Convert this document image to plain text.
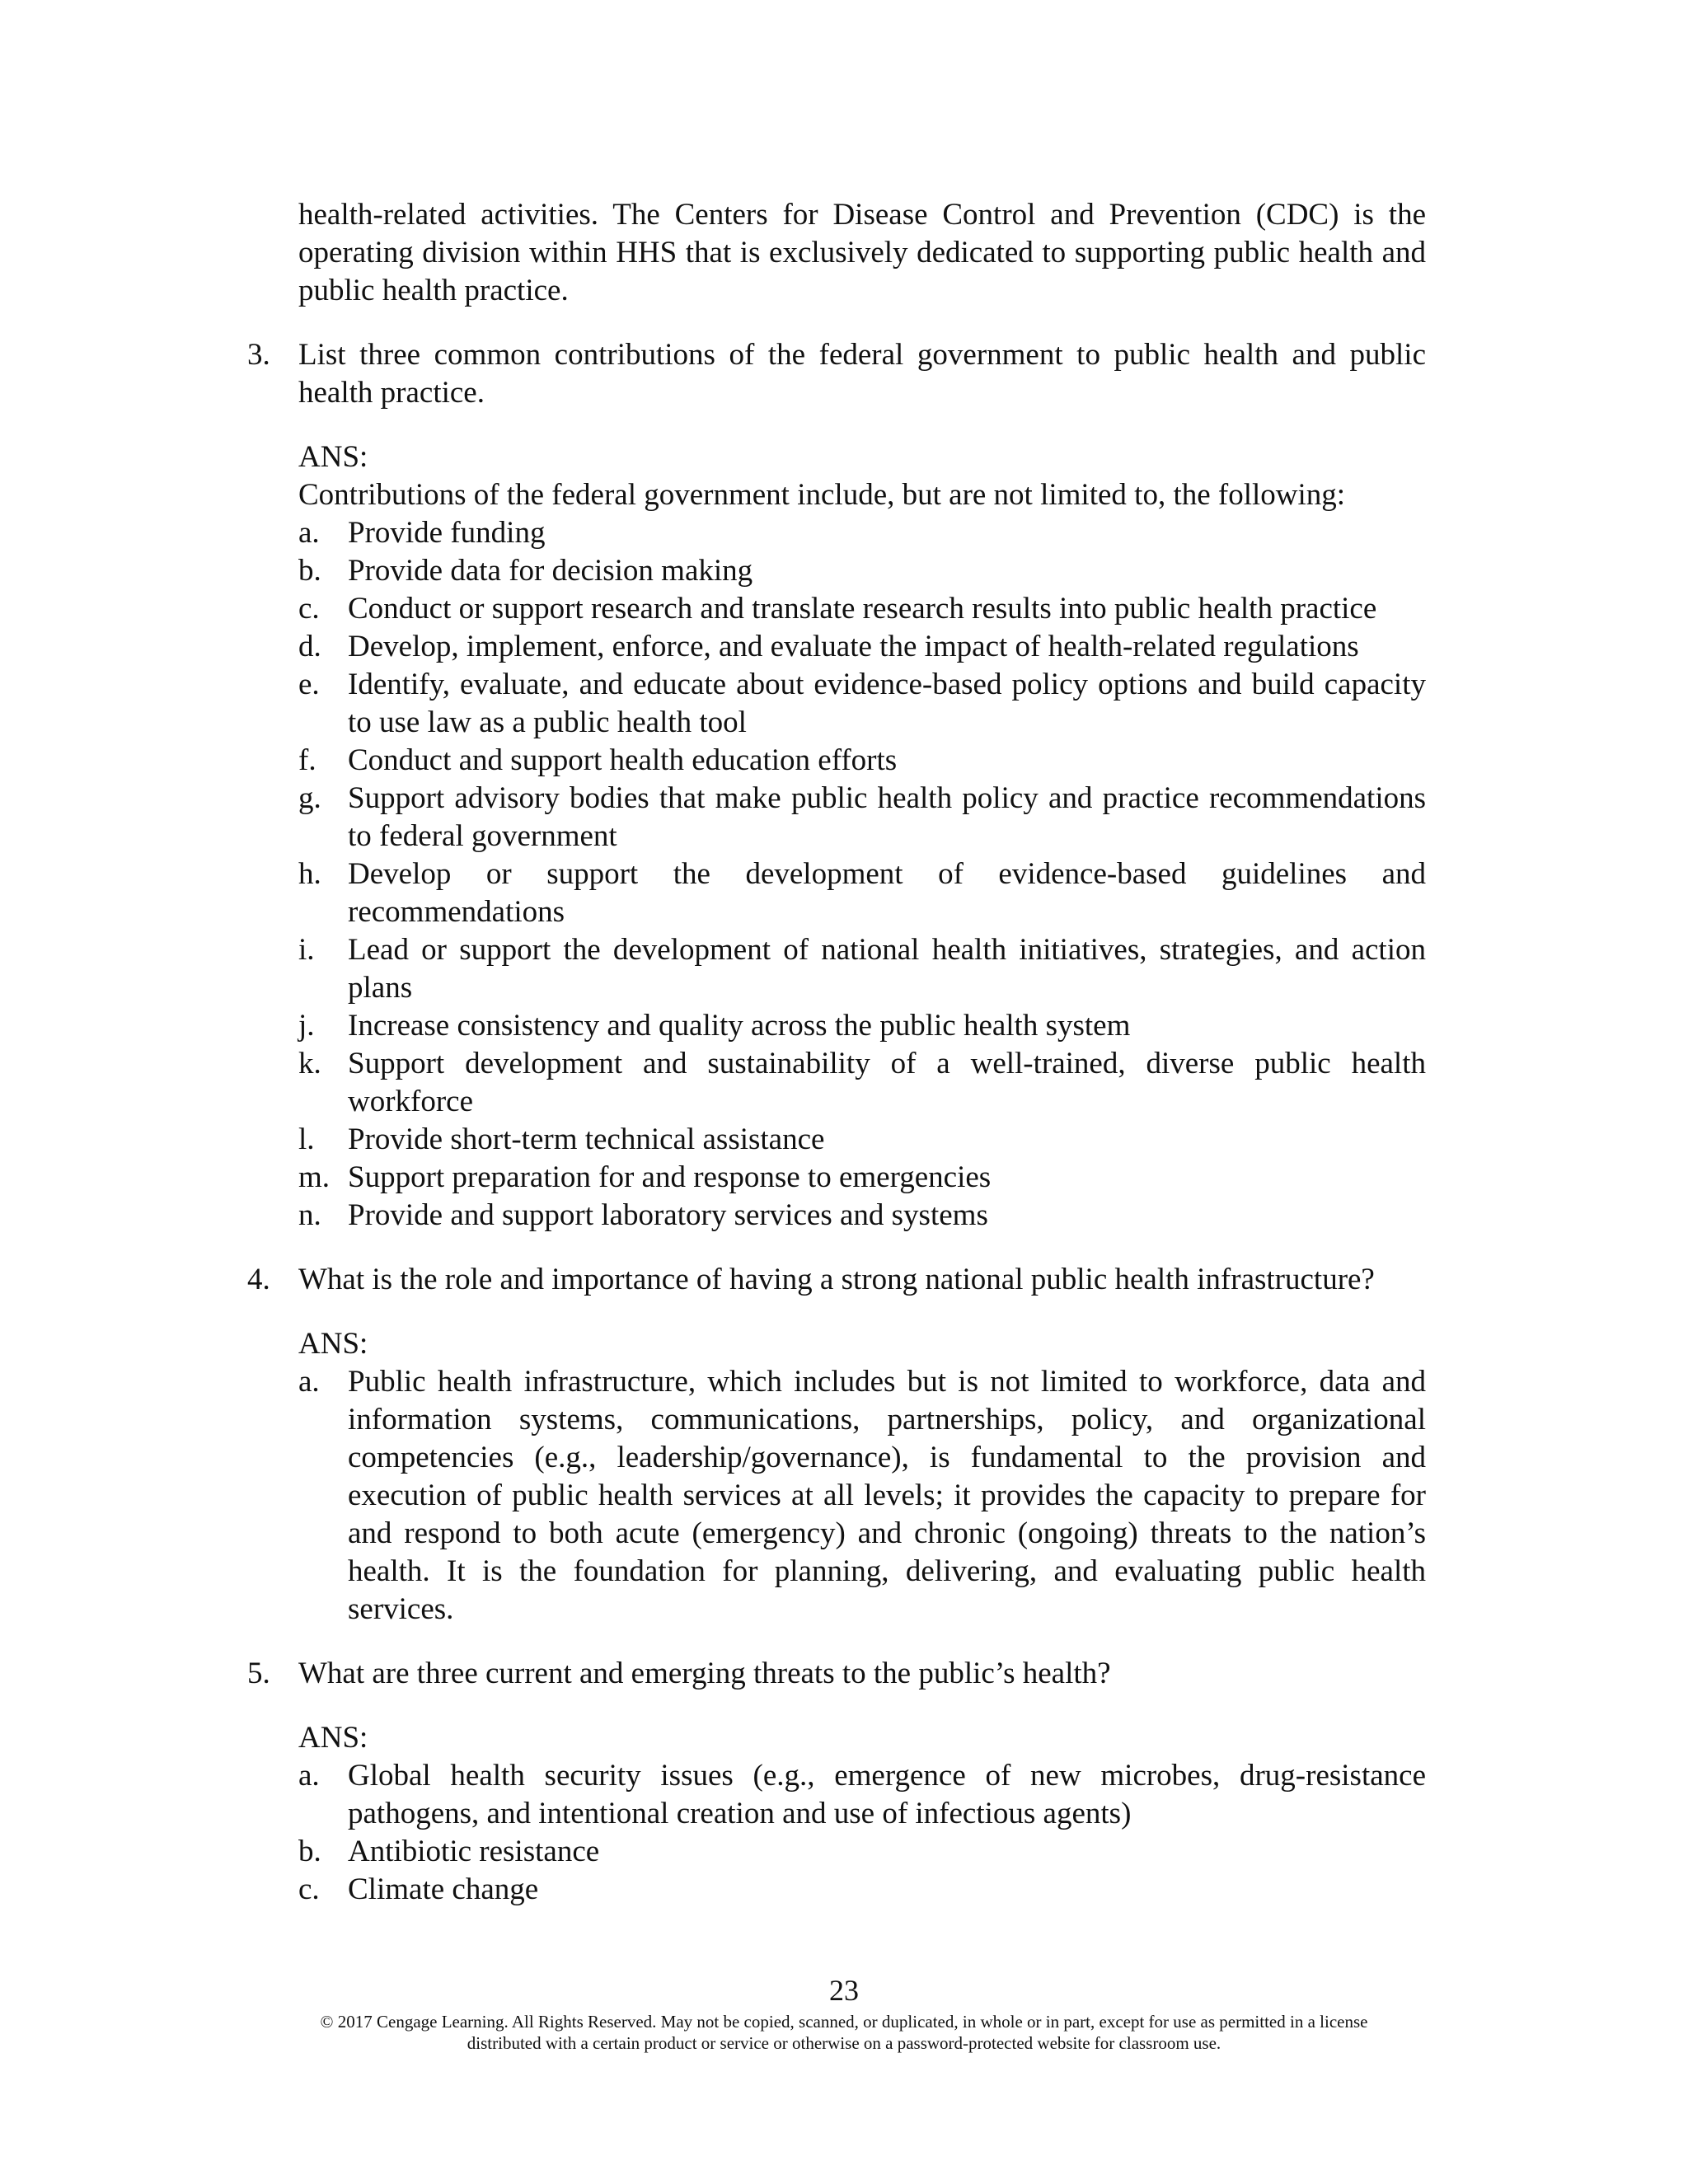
health-related activities. The Centers for Disease Control and Prevention (CDC) is the operating division within HHS that is exclusively dedicated to supporting public health and public health practice.

3. List three common contributions of the federal government to public health and public health practice.
ANS:
Contributions of the federal government include, but are not limited to, the following:
a. Provide funding
b. Provide data for decision making
c. Conduct or support research and translate research results into public health practice
d. Develop, implement, enforce, and evaluate the impact of health-related regulations
e. Identify, evaluate, and educate about evidence-based policy options and build capacity to use law as a public health tool
f.	Conduct and support health education efforts
g. Support advisory bodies that make public health policy and practice recommendations to federal government
h. Develop or support the development of evidence-based guidelines and recommendations
i.	Lead or support the development of national health initiatives, strategies, and action plans
j.	Increase consistency and quality across the public health system
k. Support development and sustainability of a well-trained, diverse public health workforce
l.	Provide short-term technical assistance
m. Support preparation for and response to emergencies
n. Provide and support laboratory services and systems
4. What is the role and importance of having a strong national public health infrastructure?
ANS:
a. Public health infrastructure, which includes but is not limited to workforce, data and information systems, communications, partnerships, policy, and organizational competencies (e.g., leadership/governance), is fundamental to the provision and execution of public health services at all levels; it provides the capacity to prepare for and respond to both acute (emergency) and chronic (ongoing) threats to the nation’s health. It is the foundation for planning, delivering, and evaluating public health services.
5. What are three current and emerging threats to the public’s health?
ANS:
a. Global health security issues (e.g., emergence of new microbes, drug-resistance pathogens, and intentional creation and use of infectious agents)
b. Antibiotic resistance
c. Climate change
23
© 2017 Cengage Learning. All Rights Reserved. May not be copied, scanned, or duplicated, in whole or in part, except for use as permitted in a license
distributed with a certain product or service or otherwise on a password-protected website for classroom use.
